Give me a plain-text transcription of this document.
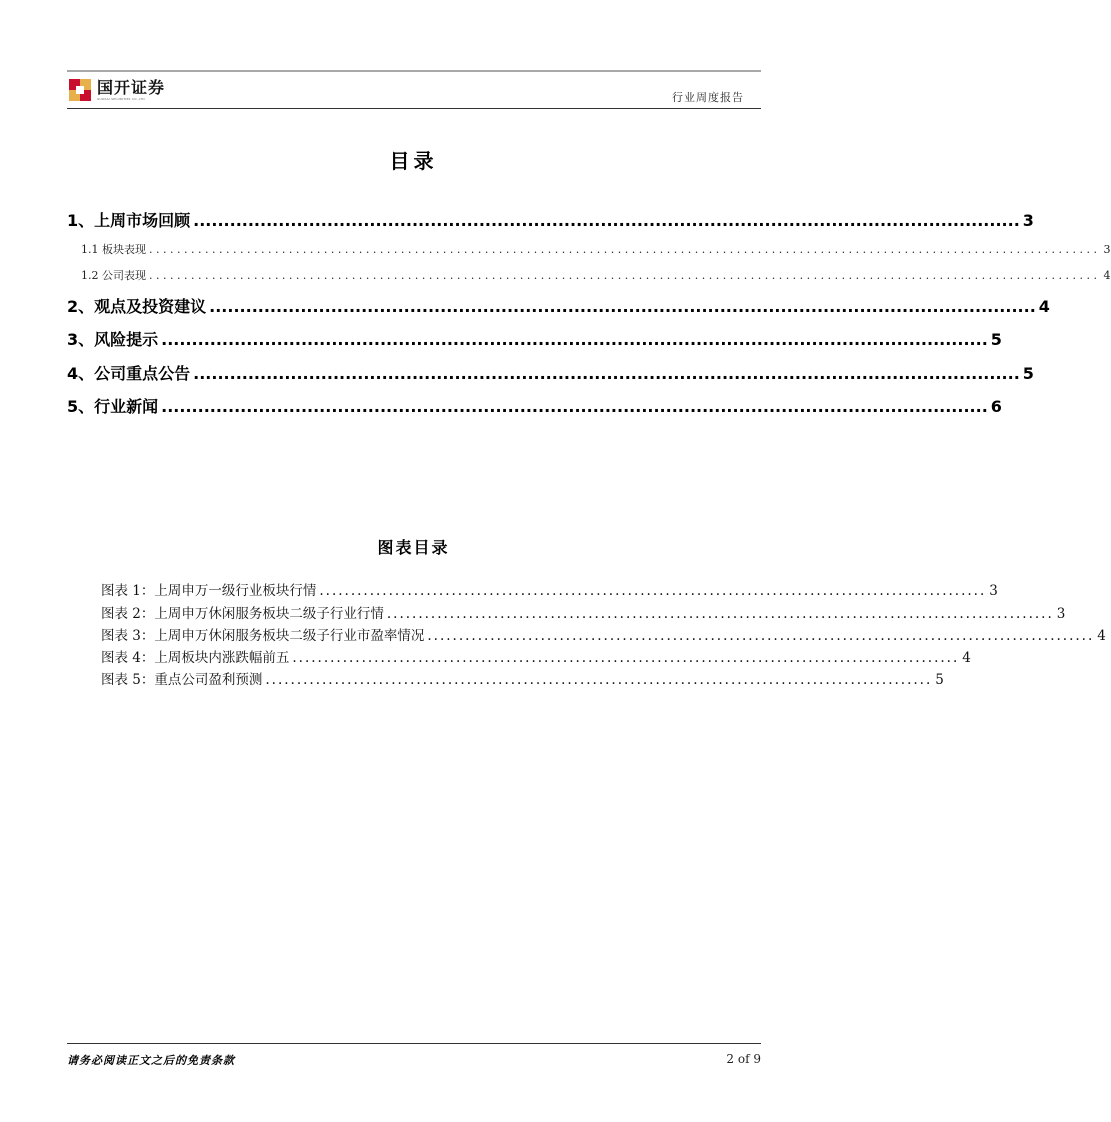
国开证券
GUOKAI SECURITIES CO.,LTD	行业周度报告
目录
1、上周市场回顾 ........................................................................................................................................ 3
1.1 板块表现 ........................................................................................................................................ 3
1.2 公司表现 ........................................................................................................................................ 4
2、观点及投资建议 ........................................................................................................................................ 4
3、风险提示 ........................................................................................................................................ 5
4、公司重点公告 ........................................................................................................................................ 5
5、行业新闻 ........................................................................................................................................ 6
图表目录
图表 1：上周申万一级行业板块行情 .......................................................................................................... 3
图表 2：上周申万休闲服务板块二级子行业行情 .......................................................................................................... 3
图表 3：上周申万休闲服务板块二级子行业市盈率情况 .......................................................................................................... 4
图表 4：上周板块内涨跌幅前五 .......................................................................................................... 4
图表 5：重点公司盈利预测 .......................................................................................................... 5
请务必阅读正文之后的免责条款	2 of 9
